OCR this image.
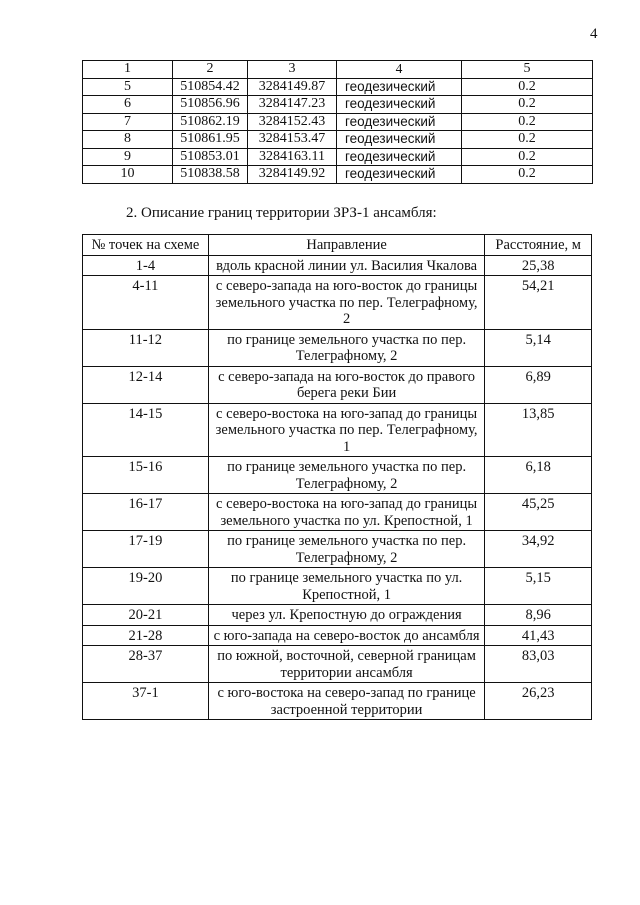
4
1	2	3	4	5
5	510854.42	3284149.87	геодезический	0.2
6	510856.96	3284147.23	геодезический	0.2
7	510862.19	3284152.43	геодезический	0.2
8	510861.95	3284153.47	геодезический	0.2
9	510853.01	3284163.11	геодезический	0.2
10	510838.58	3284149.92	геодезический	0.2
2. Описание границ территории ЗРЗ-1 ансамбля:
№ точек на схеме	Направление	Расстояние, м
1-4	вдоль красной линии ул. Василия Чкалова	25,38
4-11	с северо-запада на юго-восток до границы земельного участка по пер. Телеграфному, 2	54,21
11-12	по границе земельного участка по пер. Телеграфному, 2	5,14
12-14	с северо-запада на юго-восток до правого берега реки Бии	6,89
14-15	с северо-востока на юго-запад до границы земельного участка по пер. Телеграфному, 1	13,85
15-16	по границе земельного участка по пер. Телеграфному, 2	6,18
16-17	с северо-востока на юго-запад до границы земельного участка по ул. Крепостной, 1	45,25
17-19	по границе земельного участка по пер. Телеграфному, 2	34,92
19-20	по границе земельного участка по ул. Крепостной, 1	5,15
20-21	через ул. Крепостную до ограждения	8,96
21-28	с юго-запада на северо-восток до ансамбля	41,43
28-37	по южной, восточной, северной границам территории ансамбля	83,03
37-1	с юго-востока на северо-запад по границе застроенной территории	26,23
